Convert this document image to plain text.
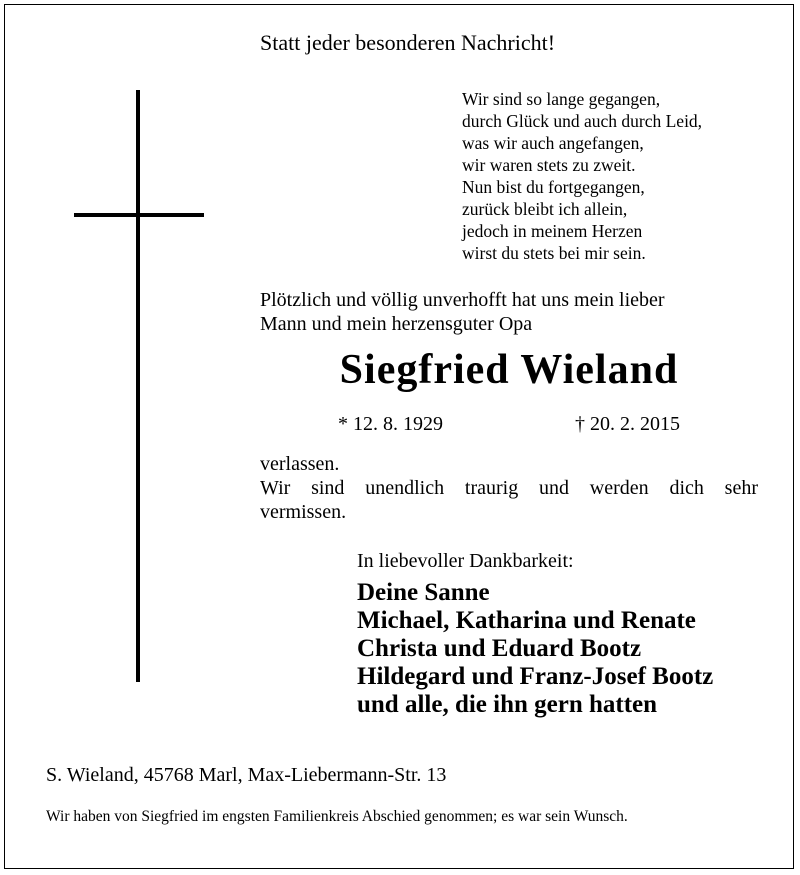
Statt jeder besonderen Nachricht!
Wir sind so lange gegangen,
durch Glück und auch durch Leid,
was wir auch angefangen,
wir waren stets zu zweit.
Nun bist du fortgegangen,
zurück bleibt ich allein,
jedoch in meinem Herzen
wirst du stets bei mir sein.
Plötzlich und völlig unverhofft hat uns mein lieber
Mann und mein herzensguter Opa
Siegfried Wieland
* 12. 8. 1929	† 20. 2. 2015
verlassen.
Wir sind unendlich traurig und werden dich sehr
vermissen.
In liebevoller Dankbarkeit:
Deine Sanne
Michael, Katharina und Renate
Christa und Eduard Bootz
Hildegard und Franz-Josef Bootz
und alle, die ihn gern hatten
S. Wieland, 45768 Marl, Max-Liebermann-Str. 13
Wir haben von Siegfried im engsten Familienkreis Abschied genommen; es war sein Wunsch.
